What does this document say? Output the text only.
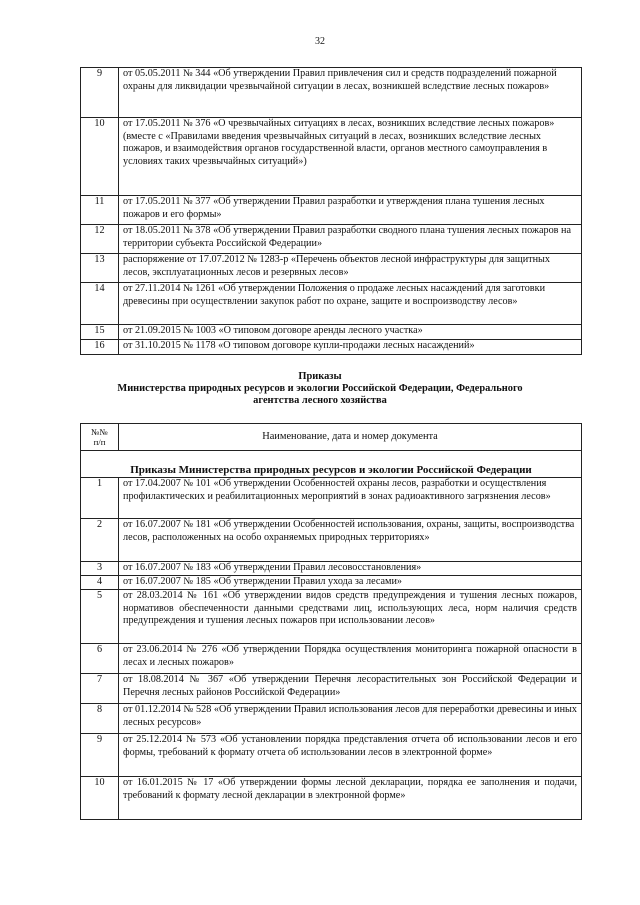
32
9	от 05.05.2011 № 344 «Об утверждении Правил привлечения сил и средств подразделений пожарной охраны для ликвидации чрезвычайной ситуации в лесах, возникшей вследствие лесных пожаров»
10	от 17.05.2011 № 376 «О чрезвычайных ситуациях в лесах, возникших вследствие лесных пожаров» (вместе с «Правилами введения чрезвычайных ситуаций в лесах, возникших вследствие лесных пожаров, и взаимодействия органов государственной власти, органов местного самоуправления в условиях таких чрезвычайных ситуаций»)
11	от 17.05.2011 № 377 «Об утверждении Правил разработки и утверждения плана тушения лесных пожаров и его формы»
12	от 18.05.2011 № 378 «Об утверждении Правил разработки сводного плана тушения лесных пожаров на территории субъекта Российской Федерации»
13	распоряжение от 17.07.2012 № 1283-р «Перечень объектов лесной инфраструктуры для защитных лесов, эксплуатационных лесов и резервных лесов»
14	от 27.11.2014 № 1261 «Об утверждении Положения о продаже лесных насаждений для заготовки древесины при осуществлении закупок работ по охране, защите и воспроизводству лесов»
15	от 21.09.2015 № 1003 «О типовом договоре аренды лесного участка»
16	от 31.10.2015 № 1178 «О типовом договоре купли-продажи лесных насаждений»
Приказы
Министерства природных ресурсов и экологии Российской Федерации, Федерального
агентства лесного хозяйства
№№
п/п	Наименование, дата и номер документа
Приказы Министерства природных ресурсов и экологии Российской Федерации	
1	от 17.04.2007 № 101 «Об утверждении Особенностей охраны лесов, разработки и осуществления профилактических и реабилитационных мероприятий в зонах радиоактивного загрязнения лесов»
2	от 16.07.2007 № 181 «Об утверждении Особенностей использования, охраны, защиты, воспроизводства лесов, расположенных на особо охраняемых природных территориях»
3	от 16.07.2007 № 183 «Об утверждении Правил лесовосстановления»
4	от 16.07.2007 № 185 «Об утверждении Правил ухода за лесами»
5	от 28.03.2014 № 161 «Об утверждении видов средств предупреждения и тушения лесных пожаров, нормативов обеспеченности данными средствами лиц, использующих леса, норм наличия средств предупреждения и тушения лесных пожаров при использовании лесов»
6	от 23.06.2014 № 276 «Об утверждении Порядка осуществления мониторинга пожарной опасности в лесах и лесных пожаров»
7	от 18.08.2014 № 367 «Об утверждении Перечня лесорастительных зон Российской Федерации и Перечня лесных районов Российской Федерации»
8	от 01.12.2014 № 528 «Об утверждении Правил использования лесов для переработки древесины и иных лесных ресурсов»
9	от 25.12.2014 № 573 «Об установлении порядка представления отчета об использовании лесов и его формы, требований к формату отчета об использовании лесов в электронной форме»
10	от 16.01.2015 № 17 «Об утверждении формы лесной декларации, порядка ее заполнения и подачи, требований к формату лесной декларации в электронной форме»
